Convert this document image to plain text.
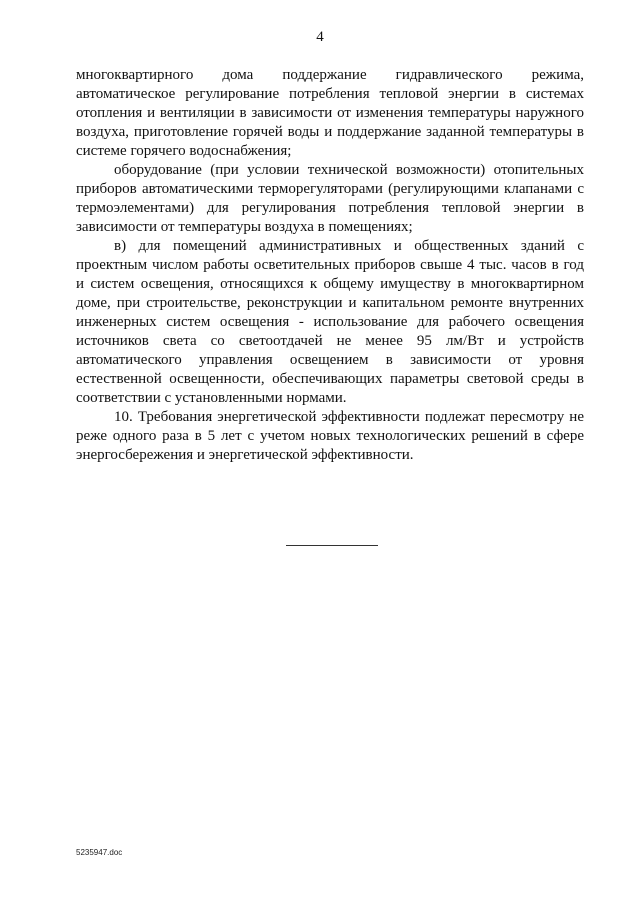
4

многоквартирного дома поддержание гидравлического режима, автоматическое регулирование потребления тепловой энергии в системах отопления и вентиляции в зависимости от изменения температуры наружного воздуха, приготовление горячей воды и поддержание заданной температуры в системе горячего водоснабжения;

оборудование (при условии технической возможности) отопительных приборов автоматическими терморегуляторами (регулирующими клапанами с термоэлементами) для регулирования потребления тепловой энергии в зависимости от температуры воздуха в помещениях;

в) для помещений административных и общественных зданий с проектным числом работы осветительных приборов свыше 4 тыс. часов в год и систем освещения, относящихся к общему имуществу в многоквартирном доме, при строительстве, реконструкции и капитальном ремонте внутренних инженерных систем освещения - использование для рабочего освещения источников света со светоотдачей не менее 95 лм/Вт и устройств автоматического управления освещением в зависимости от уровня естественной освещенности, обеспечивающих параметры световой среды в соответствии с установленными нормами.

10. Требования энергетической эффективности подлежат пересмотру не реже одного раза в 5 лет с учетом новых технологических решений в сфере энергосбережения и энергетической эффективности.

5235947.doc
